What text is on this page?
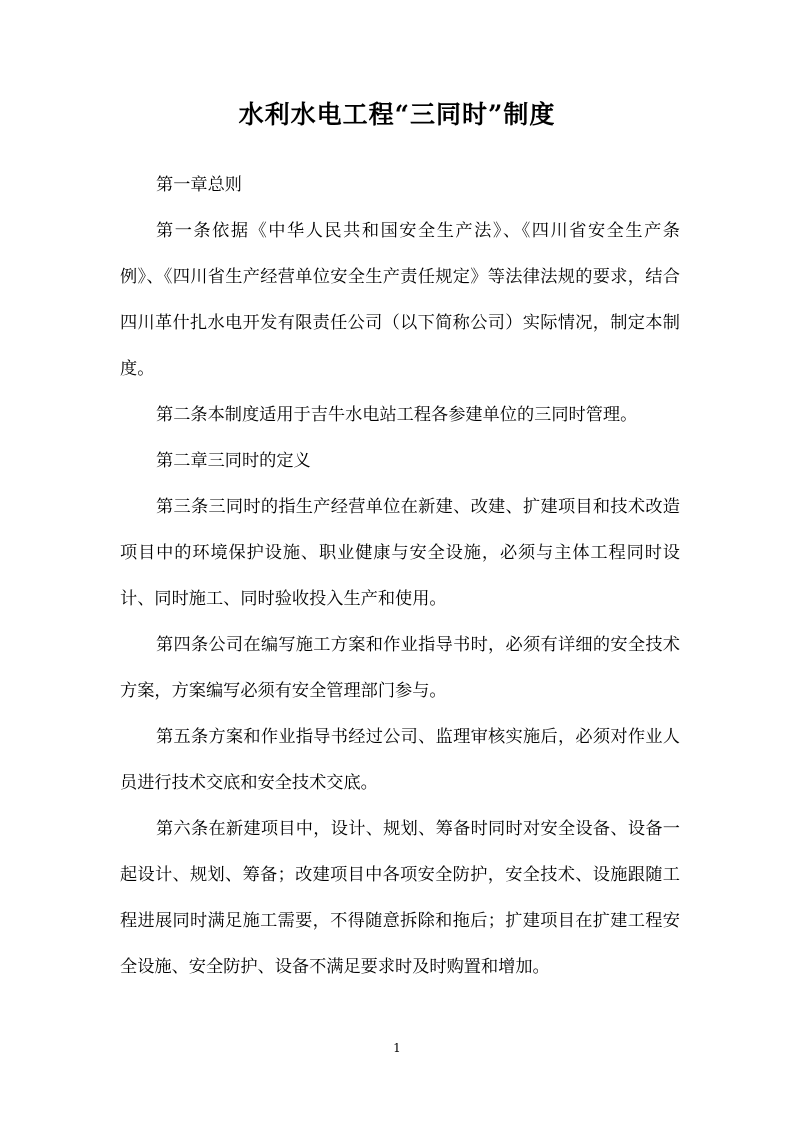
水利水电工程“三同时”制度

第一章总则

第一条依据《中华人民共和国安全生产法》、《四川省安全生产条例》、《四川省生产经营单位安全生产责任规定》等法律法规的要求，结合四川革什扎水电开发有限责任公司（以下简称公司）实际情况，制定本制度。

第二条本制度适用于吉牛水电站工程各参建单位的三同时管理。

第二章三同时的定义

第三条三同时的指生产经营单位在新建、改建、扩建项目和技术改造项目中的环境保护设施、职业健康与安全设施，必须与主体工程同时设计、同时施工、同时验收投入生产和使用。

第四条公司在编写施工方案和作业指导书时，必须有详细的安全技术方案，方案编写必须有安全管理部门参与。

第五条方案和作业指导书经过公司、监理审核实施后，必须对作业人员进行技术交底和安全技术交底。

第六条在新建项目中，设计、规划、筹备时同时对安全设备、设备一起设计、规划、筹备；改建项目中各项安全防护，安全技术、设施跟随工程进展同时满足施工需要，不得随意拆除和拖后；扩建项目在扩建工程安全设施、安全防护、设备不满足要求时及时购置和增加。

1
